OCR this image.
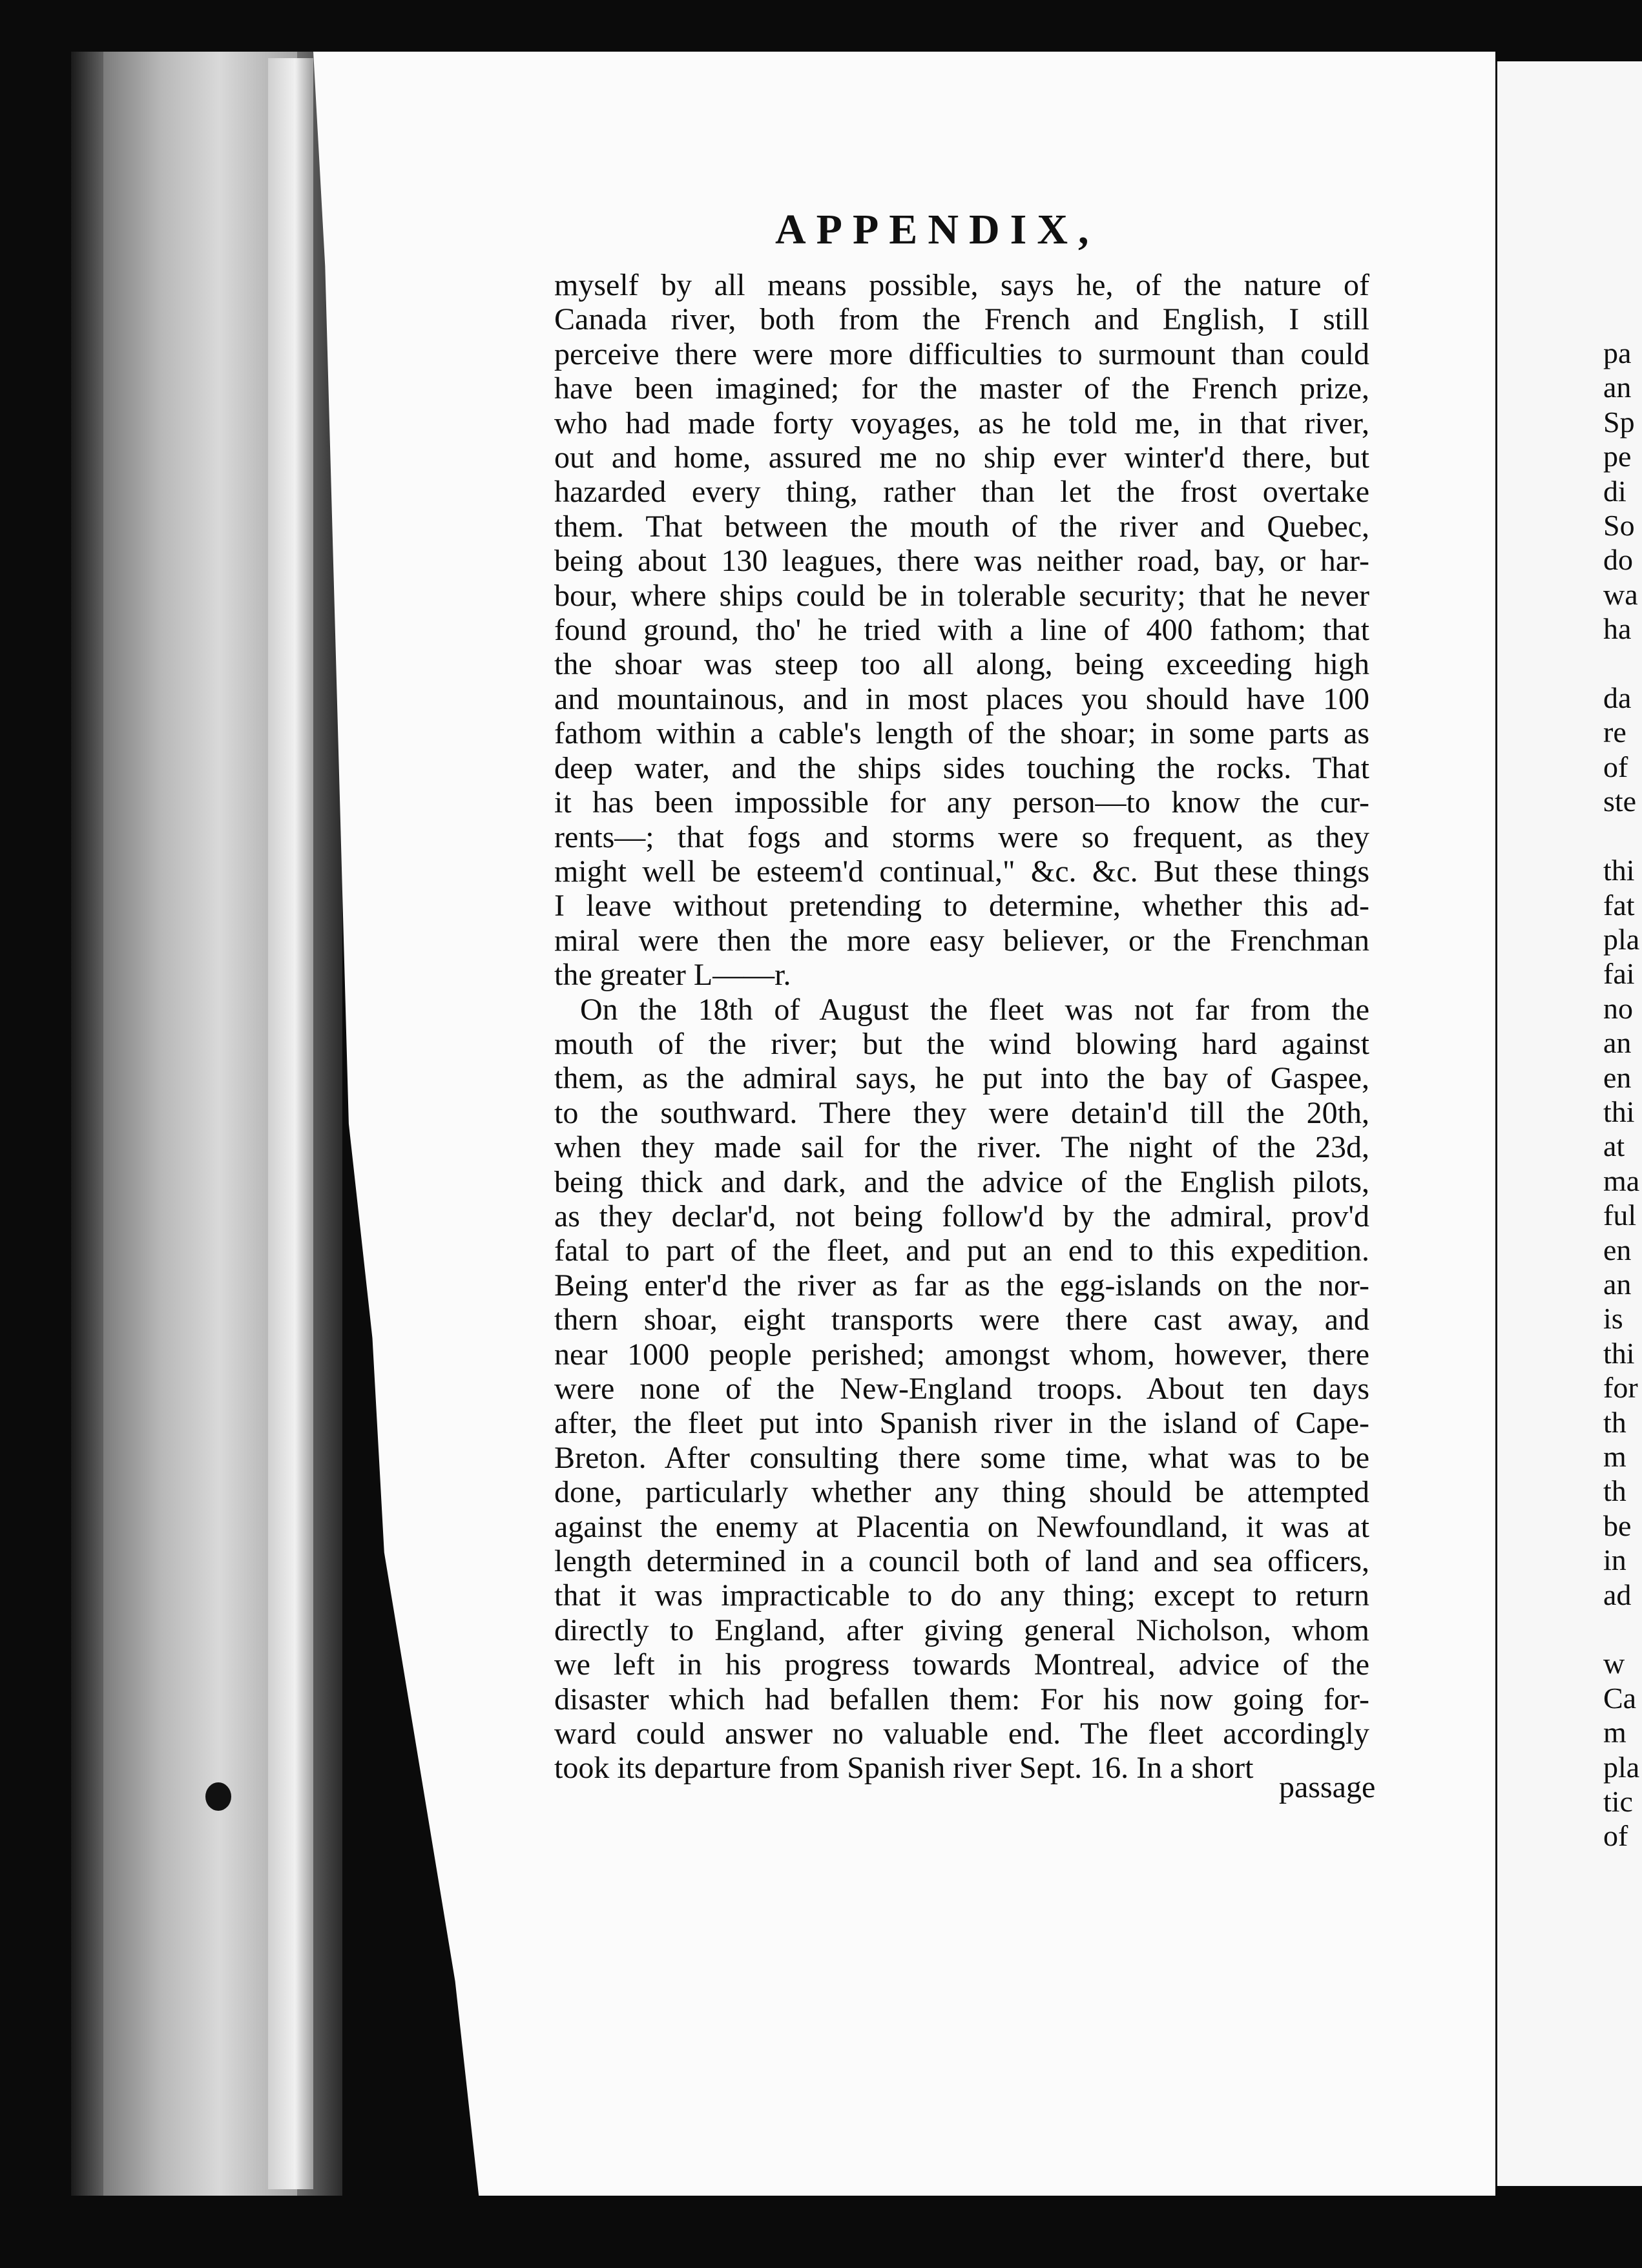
APPENDIX,
myself by all means possible, says he, of the nature of
Canada river, both from the French and English, I still
perceive there were more difficulties to surmount than could
have been imagined; for the master of the French prize,
who had made forty voyages, as he told me, in that river,
out and home, assured me no ship ever winter'd there, but
hazarded every thing, rather than let the frost overtake
them. That between the mouth of the river and Quebec,
being about 130 leagues, there was neither road, bay, or har-
bour, where ships could be in tolerable security; that he never
found ground, tho' he tried with a line of 400 fathom; that
the shoar was steep too all along, being exceeding high
and mountainous, and in most places you should have 100
fathom within a cable's length of the shoar; in some parts as
deep water, and the ships sides touching the rocks. That
it has been impossible for any person—to know the cur-
rents—; that fogs and storms were so frequent, as they
might well be esteem'd continual," &c. &c. But these things
I leave without pretending to determine, whether this ad-
miral were then the more easy believer, or the Frenchman
the greater L——r.
On the 18th of August the fleet was not far from the
mouth of the river; but the wind blowing hard against
them, as the admiral says, he put into the bay of Gaspee,
to the southward. There they were detain'd till the 20th,
when they made sail for the river. The night of the 23d,
being thick and dark, and the advice of the English pilots,
as they declar'd, not being follow'd by the admiral, prov'd
fatal to part of the fleet, and put an end to this expedition.
Being enter'd the river as far as the egg-islands on the nor-
thern shoar, eight transports were there cast away, and
near 1000 people perished; amongst whom, however, there
were none of the New-England troops. About ten days
after, the fleet put into Spanish river in the island of Cape-
Breton. After consulting there some time, what was to be
done, particularly whether any thing should be attempted
against the enemy at Placentia on Newfoundland, it was at
length determined in a council both of land and sea officers,
that it was impracticable to do any thing; except to return
directly to England, after giving general Nicholson, whom
we left in his progress towards Montreal, advice of the
disaster which had befallen them: For his now going for-
ward could answer no valuable end. The fleet accordingly
took its departure from Spanish river Sept. 16. In a short
passage
pa
an
Sp
pe
di
So
do
wa
ha

da
re
of
ste

thi
fat
pla
fai
no
an
en
thi
at
ma
ful
en
an
is
thi
for
th
m
th
be
in
ad

w
Ca
m
pla
tic
of
